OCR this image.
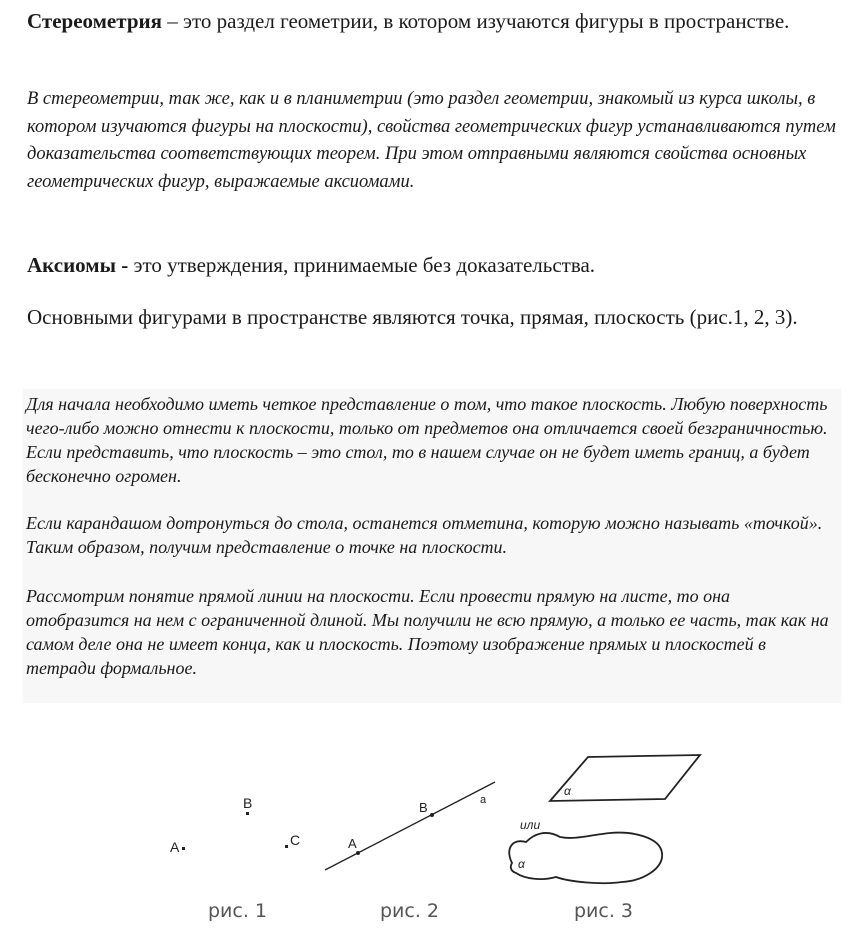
Стереометрия – это раздел геометрии, в котором изучаются фигуры в пространстве.

В стереометрии, так же, как и в планиметрии (это раздел геометрии, знакомый из курса школы, в котором изучаются фигуры на плоскости), свойства геометрических фигур устанавливаются путем доказательства соответствующих теорем. При этом отправными являются свойства основных геометрических фигур, выражаемые аксиомами.

Аксиомы - это утверждения, принимаемые без доказательства.

Основными фигурами в пространстве являются точка, прямая, плоскость (рис.1, 2, 3).

Для начала необходимо иметь четкое представление о том, что такое плоскость. Любую поверхность чего-либо можно отнести к плоскости, только от предметов она отличается своей безграничностью. Если представить, что плоскость – это стол, то в нашем случае он не будет иметь границ, а будет бесконечно огромен.

Если карандашом дотронуться до стола, останется отметина, которую можно называть «точкой». Таким образом, получим представление о точке на плоскости.

Рассмотрим понятие прямой линии на плоскости. Если провести прямую на листе, то она отобразится на нем с ограниченной длиной. Мы получили не всю прямую, а только ее часть, так как на самом деле она не имеет конца, как и плоскость. Поэтому изображение прямых и плоскостей в тетради формальное.

A
B
C	A
B	a
α
или
α
рис. 1	рис. 2	рис. 3
